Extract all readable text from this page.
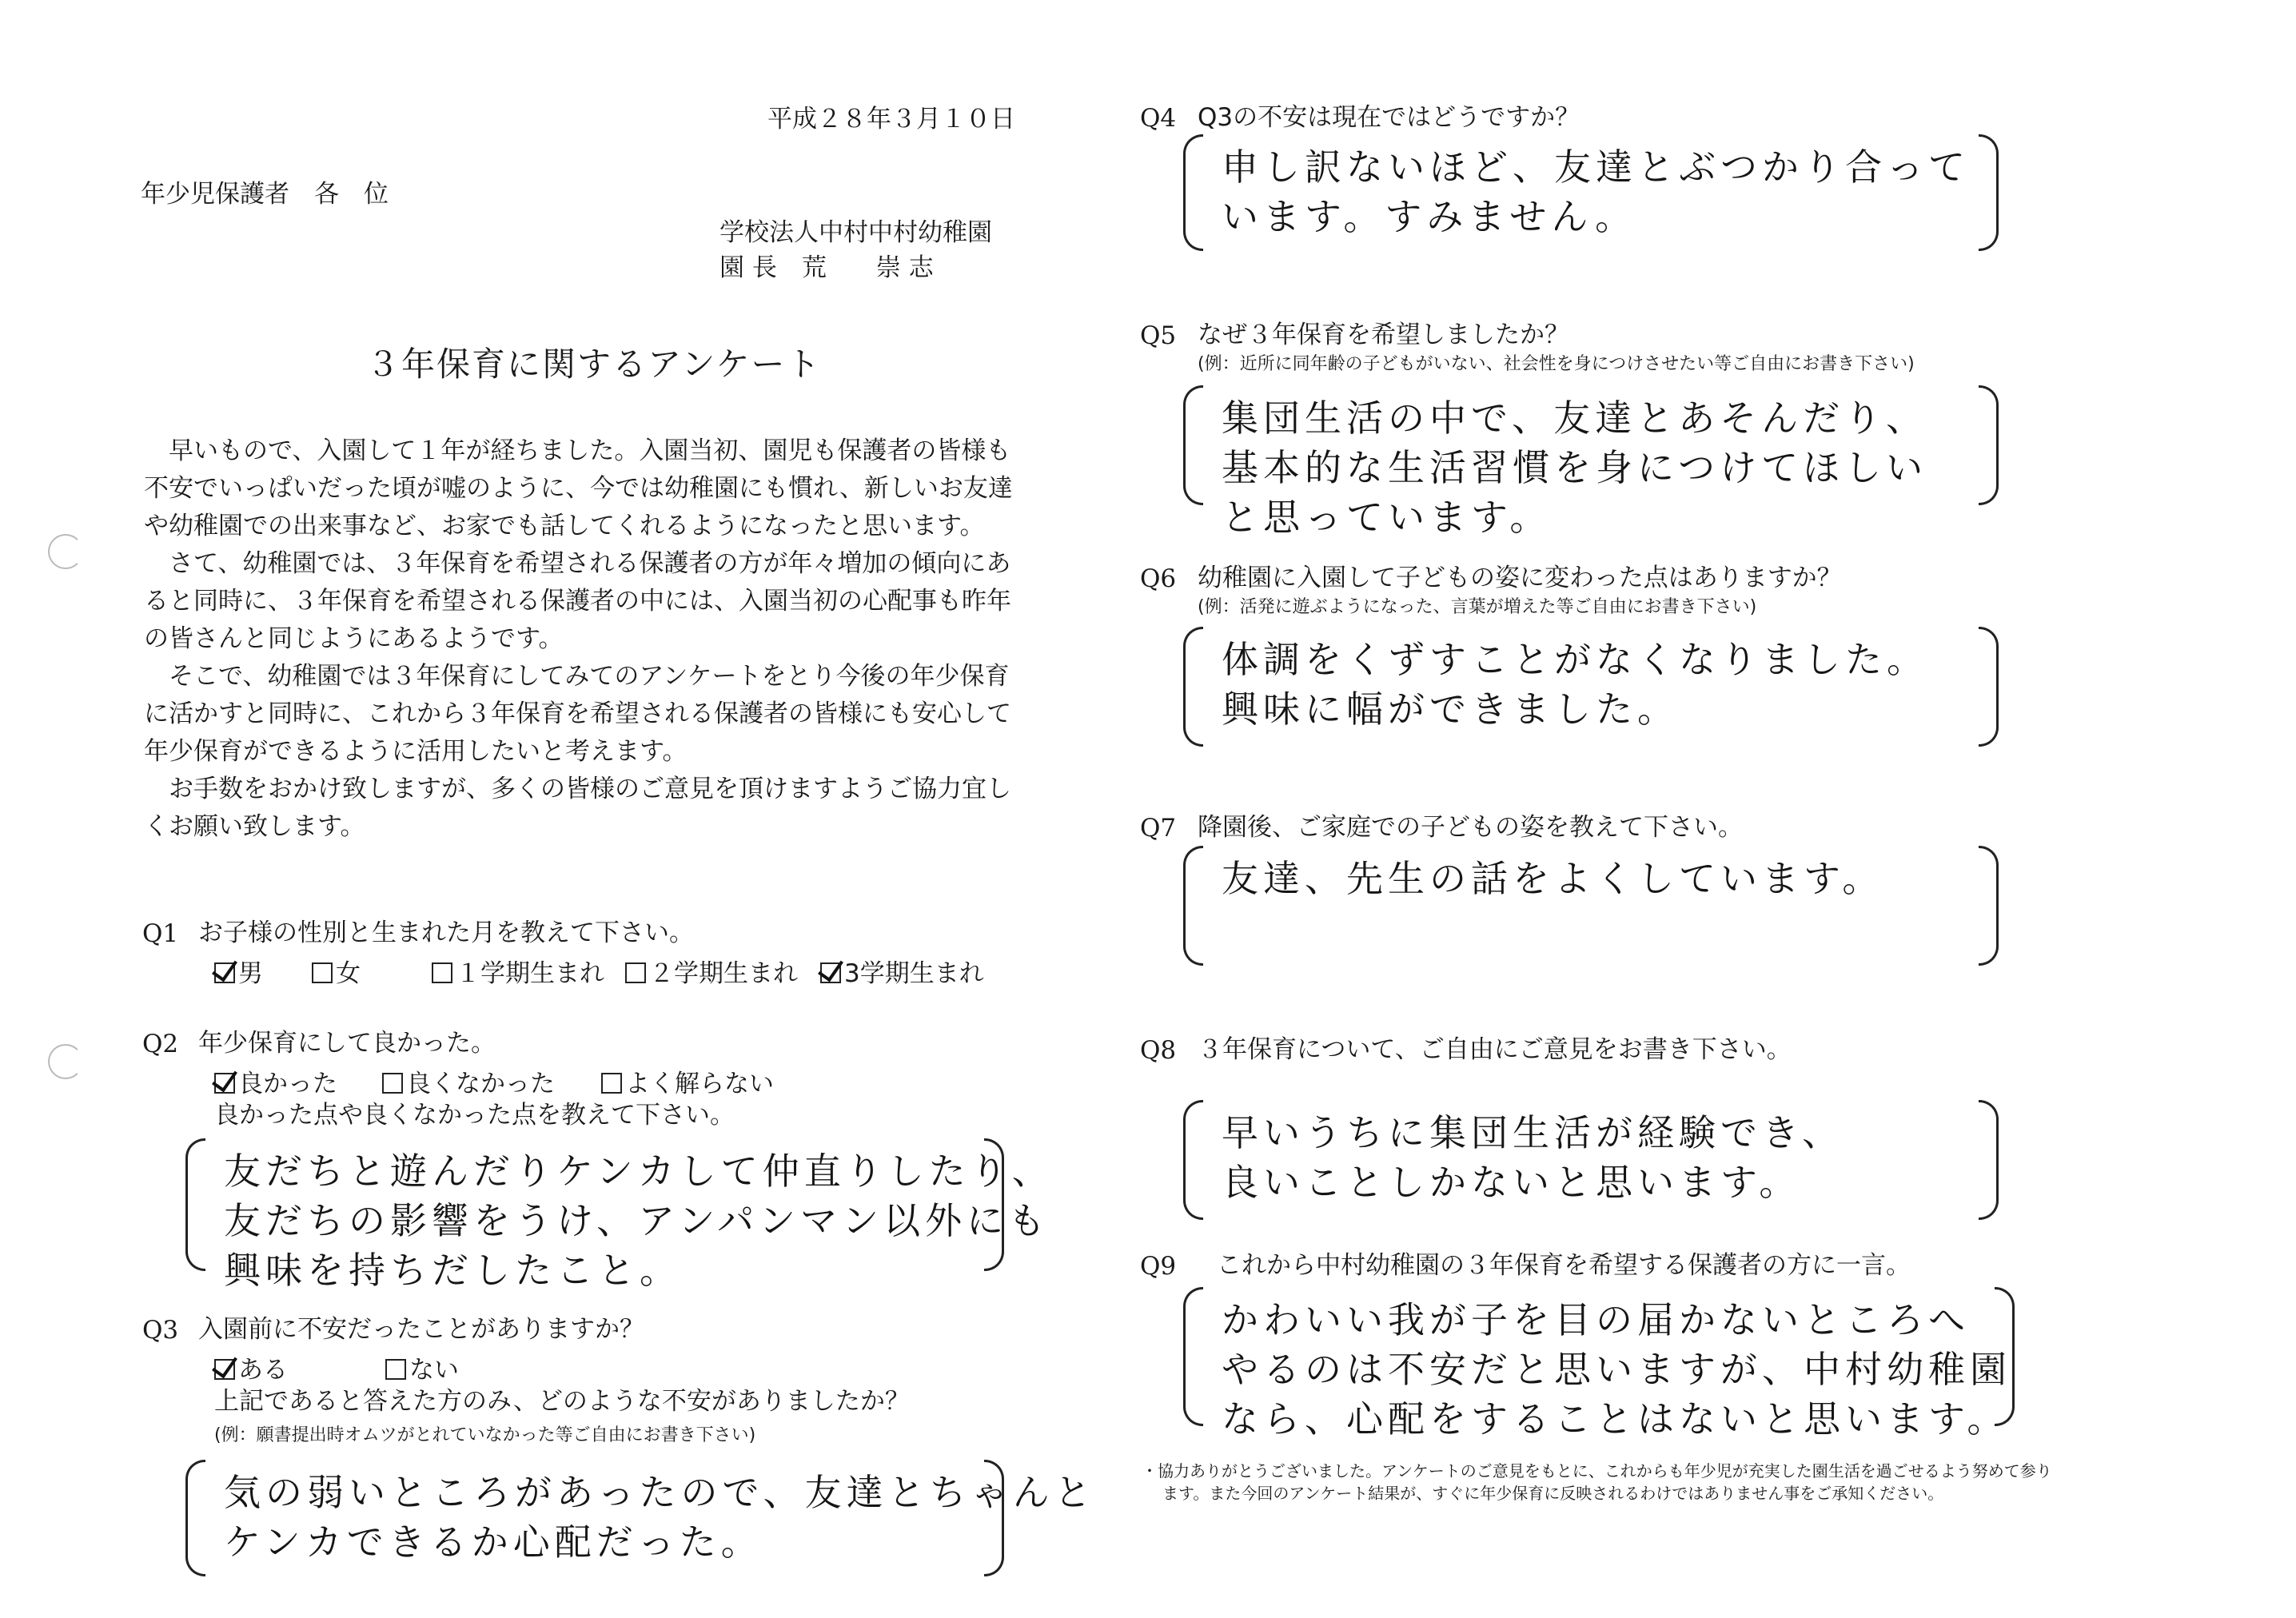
平成２８年３月１０日
年少児保護者　各　位
学校法人中村中村幼稚園
園 長　荒　　崇 志
３年保育に関するアンケート

早いもので、入園して１年が経ちました。入園当初、園児も保護者の皆様も不安でいっぱいだった頃が嘘のように、今では幼稚園にも慣れ、新しいお友達や幼稚園での出来事など、お家でも話してくれるようになったと思います。

さて、幼稚園では、３年保育を希望される保護者の方が年々増加の傾向にあると同時に、３年保育を希望される保護者の中には、入園当初の心配事も昨年の皆さんと同じようにあるようです。

そこで、幼稚園では３年保育にしてみてのアンケートをとり今後の年少保育に活かすと同時に、これから３年保育を希望される保護者の皆様にも安心して年少保育ができるように活用したいと考えます。

お手数をおかけ致しますが、多くの皆様のご意見を頂けますようご協力宜しくお願い致します。

Q1 お子様の性別と生まれた月を教えて下さい。
男	女	１学期生まれ	２学期生まれ	3学期生まれ
Q2 年少保育にして良かった。
良かった	良くなかった	よく解らない
良かった点や良くなかった点を教えて下さい。
友だちと遊んだりケンカして仲直りしたり、
友だちの影響をうけ、アンパンマン以外にも
興味を持ちだしたこと。
Q3 入園前に不安だったことがありますか？
ある	ない
上記であると答えた方のみ、どのような不安がありましたか？
(例：願書提出時オムツがとれていなかった等ご自由にお書き下さい)
気の弱いところがあったので、友達とちゃんと
ケンカできるか心配だった。
Q4 Q3の不安は現在ではどうですか？
申し訳ないほど、友達とぶつかり合って
います。すみません。
Q5 なぜ３年保育を希望しましたか？
(例：近所に同年齢の子どもがいない、社会性を身につけさせたい等ご自由にお書き下さい)
集団生活の中で、友達とあそんだり、
基本的な生活習慣を身につけてほしい
と思っています。
Q6 幼稚園に入園して子どもの姿に変わった点はありますか？
(例：活発に遊ぶようになった、言葉が増えた等ご自由にお書き下さい)
体調をくずすことがなくなりました。
興味に幅ができました。
Q7 降園後、ご家庭での子どもの姿を教えて下さい。
友達、先生の話をよくしています。
Q8 ３年保育について、ご自由にご意見をお書き下さい。
早いうちに集団生活が経験でき、
良いことしかないと思います。
Q9 これから中村幼稚園の３年保育を希望する保護者の方に一言。
かわいい我が子を目の届かないところへ
やるのは不安だと思いますが、中村幼稚園
なら、心配をすることはないと思います。
・協力ありがとうございました。アンケートのご意見をもとに、これからも年少児が充実した園生活を過ごせるよう努めて参り
ます。また今回のアンケート結果が、すぐに年少保育に反映されるわけではありません事をご承知ください。
